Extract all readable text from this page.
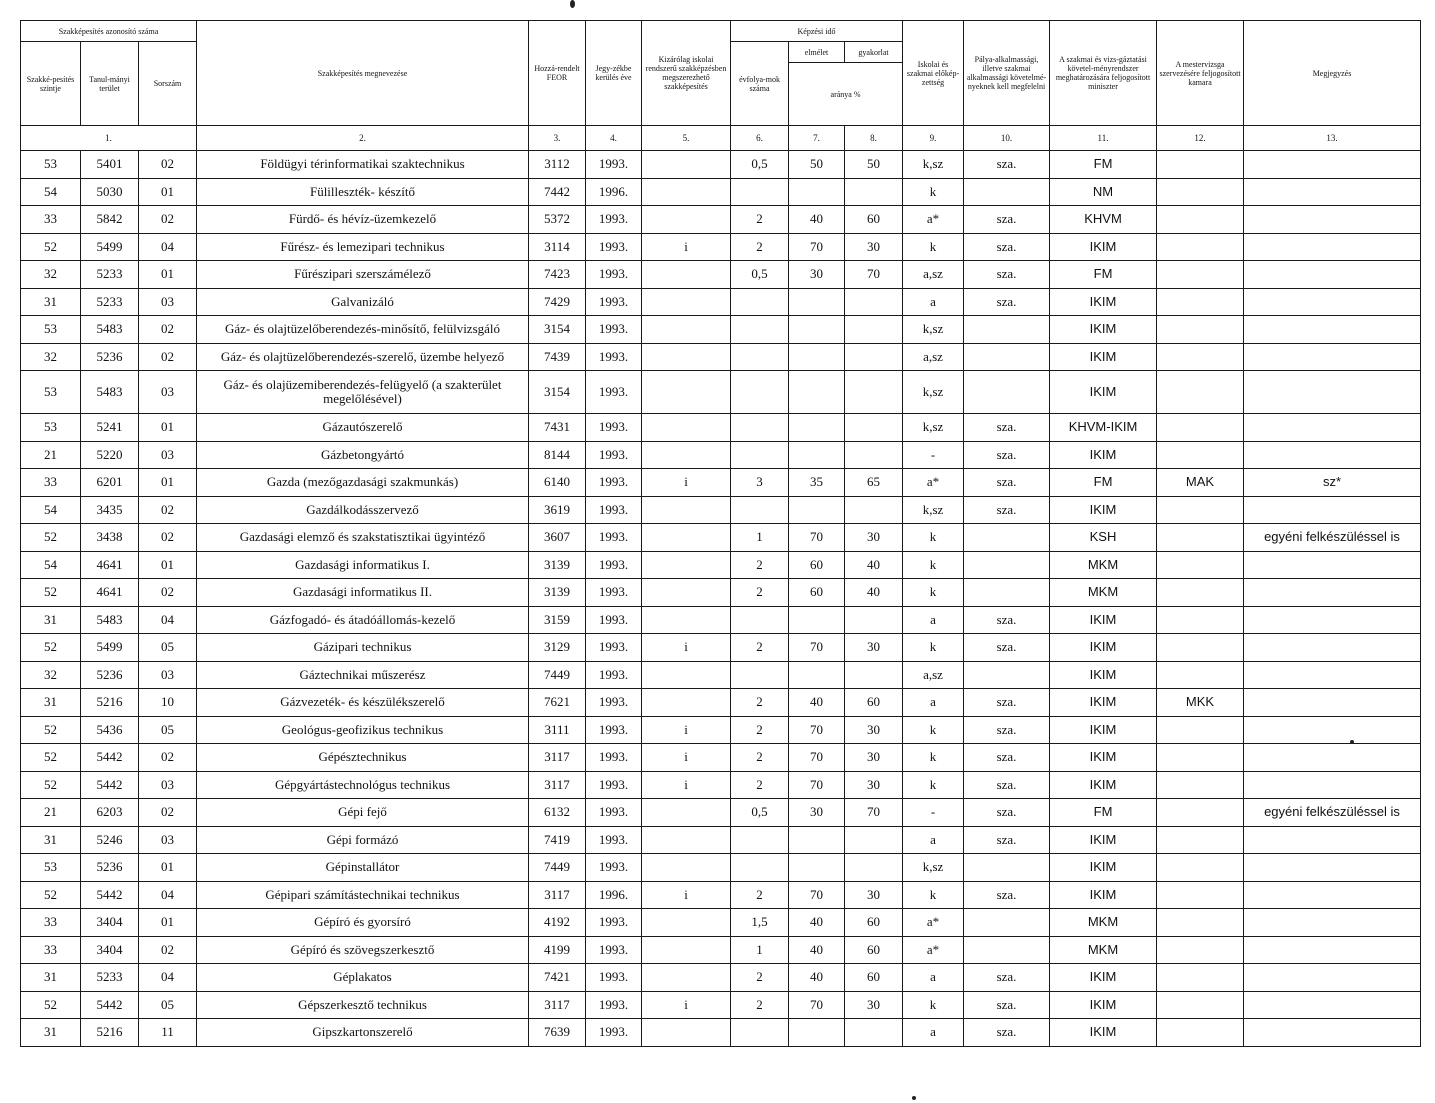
Szakképesítés azonosító száma			Szakképesítés megnevezése	Hozzá-rendelt FEOR	Jegy-zékbe kerülés éve	Kizárólag iskolai rendszerű szakképzésben megszerezhető szakképesítés	Képzési idő			Iskolai és szakmai előkép-zettség	Pálya-alkalmassági, illetve szakmai alkalmassági követelmé-nyeknek kell megfelelni	A szakmai és vizs-gáztatási követel-ményrendszer meghatározására feljogosított miniszter	A mestervizsga szervezésére feljogosított kamara	Megjegyzés
Szakké-pesítés szintje	Tanul-mányi terület	Sorszám					évfolya-mok száma	elmélet	gyakorlat					
								aránya %						
1.			2.	3.	4.	5.	6.	7.	8.	9.	10.	11.	12.	13.
53	5401	02	Földügyi térinformatikai szaktechnikus	3112	1993.		0,5	50	50	k,sz	sza.	FM		
54	5030	01	Fülilleszték- készítő	7442	1996.					k		NM		
33	5842	02	Fürdő- és hévíz-üzemkezelő	5372	1993.		2	40	60	a*	sza.	KHVM		
52	5499	04	Fűrész- és lemezipari technikus	3114	1993.	i	2	70	30	k	sza.	IKIM		
32	5233	01	Fűrészipari szerszámélező	7423	1993.		0,5	30	70	a,sz	sza.	FM		
31	5233	03	Galvanizáló	7429	1993.					a	sza.	IKIM		
53	5483	02	Gáz- és olajtüzelőberendezés-minősítő, felülvizsgáló	3154	1993.					k,sz		IKIM		
32	5236	02	Gáz- és olajtüzelőberendezés-szerelő, üzembe helyező	7439	1993.					a,sz		IKIM		
53	5483	03	Gáz- és olajüzemiberendezés-felügyelő (a szakterület megelőlésével)	3154	1993.					k,sz		IKIM		
53	5241	01	Gázautószerelő	7431	1993.					k,sz	sza.	KHVM-IKIM		
21	5220	03	Gázbetongyártó	8144	1993.					-	sza.	IKIM		
33	6201	01	Gazda (mezőgazdasági szakmunkás)	6140	1993.	i	3	35	65	a*	sza.	FM	MAK	sz*
54	3435	02	Gazdálkodásszervező	3619	1993.					k,sz	sza.	IKIM		
52	3438	02	Gazdasági elemző és szakstatisztikai ügyintéző	3607	1993.		1	70	30	k		KSH		egyéni felkészüléssel is
54	4641	01	Gazdasági informatikus I.	3139	1993.		2	60	40	k		MKM		
52	4641	02	Gazdasági informatikus II.	3139	1993.		2	60	40	k		MKM		
31	5483	04	Gázfogadó- és átadóállomás-kezelő	3159	1993.					a	sza.	IKIM		
52	5499	05	Gázipari technikus	3129	1993.	i	2	70	30	k	sza.	IKIM		
32	5236	03	Gáztechnikai műszerész	7449	1993.					a,sz		IKIM		
31	5216	10	Gázvezeték- és készülékszerelő	7621	1993.		2	40	60	a	sza.	IKIM	MKK	
52	5436	05	Geológus-geofizikus technikus	3111	1993.	i	2	70	30	k	sza.	IKIM		
52	5442	02	Gépésztechnikus	3117	1993.	i	2	70	30	k	sza.	IKIM		
52	5442	03	Gépgyártástechnológus technikus	3117	1993.	i	2	70	30	k	sza.	IKIM		
21	6203	02	Gépi fejő	6132	1993.		0,5	30	70	-	sza.	FM		egyéni felkészüléssel is
31	5246	03	Gépi formázó	7419	1993.					a	sza.	IKIM		
53	5236	01	Gépinstallátor	7449	1993.					k,sz		IKIM		
52	5442	04	Gépipari számítástechnikai technikus	3117	1996.	i	2	70	30	k	sza.	IKIM		
33	3404	01	Gépíró és gyorsíró	4192	1993.		1,5	40	60	a*		MKM		
33	3404	02	Gépíró és szövegszerkesztő	4199	1993.		1	40	60	a*		MKM		
31	5233	04	Géplakatos	7421	1993.		2	40	60	a	sza.	IKIM		
52	5442	05	Gépszerkesztő technikus	3117	1993.	i	2	70	30	k	sza.	IKIM		
31	5216	11	Gipszkartonszerelő	7639	1993.					a	sza.	IKIM		
